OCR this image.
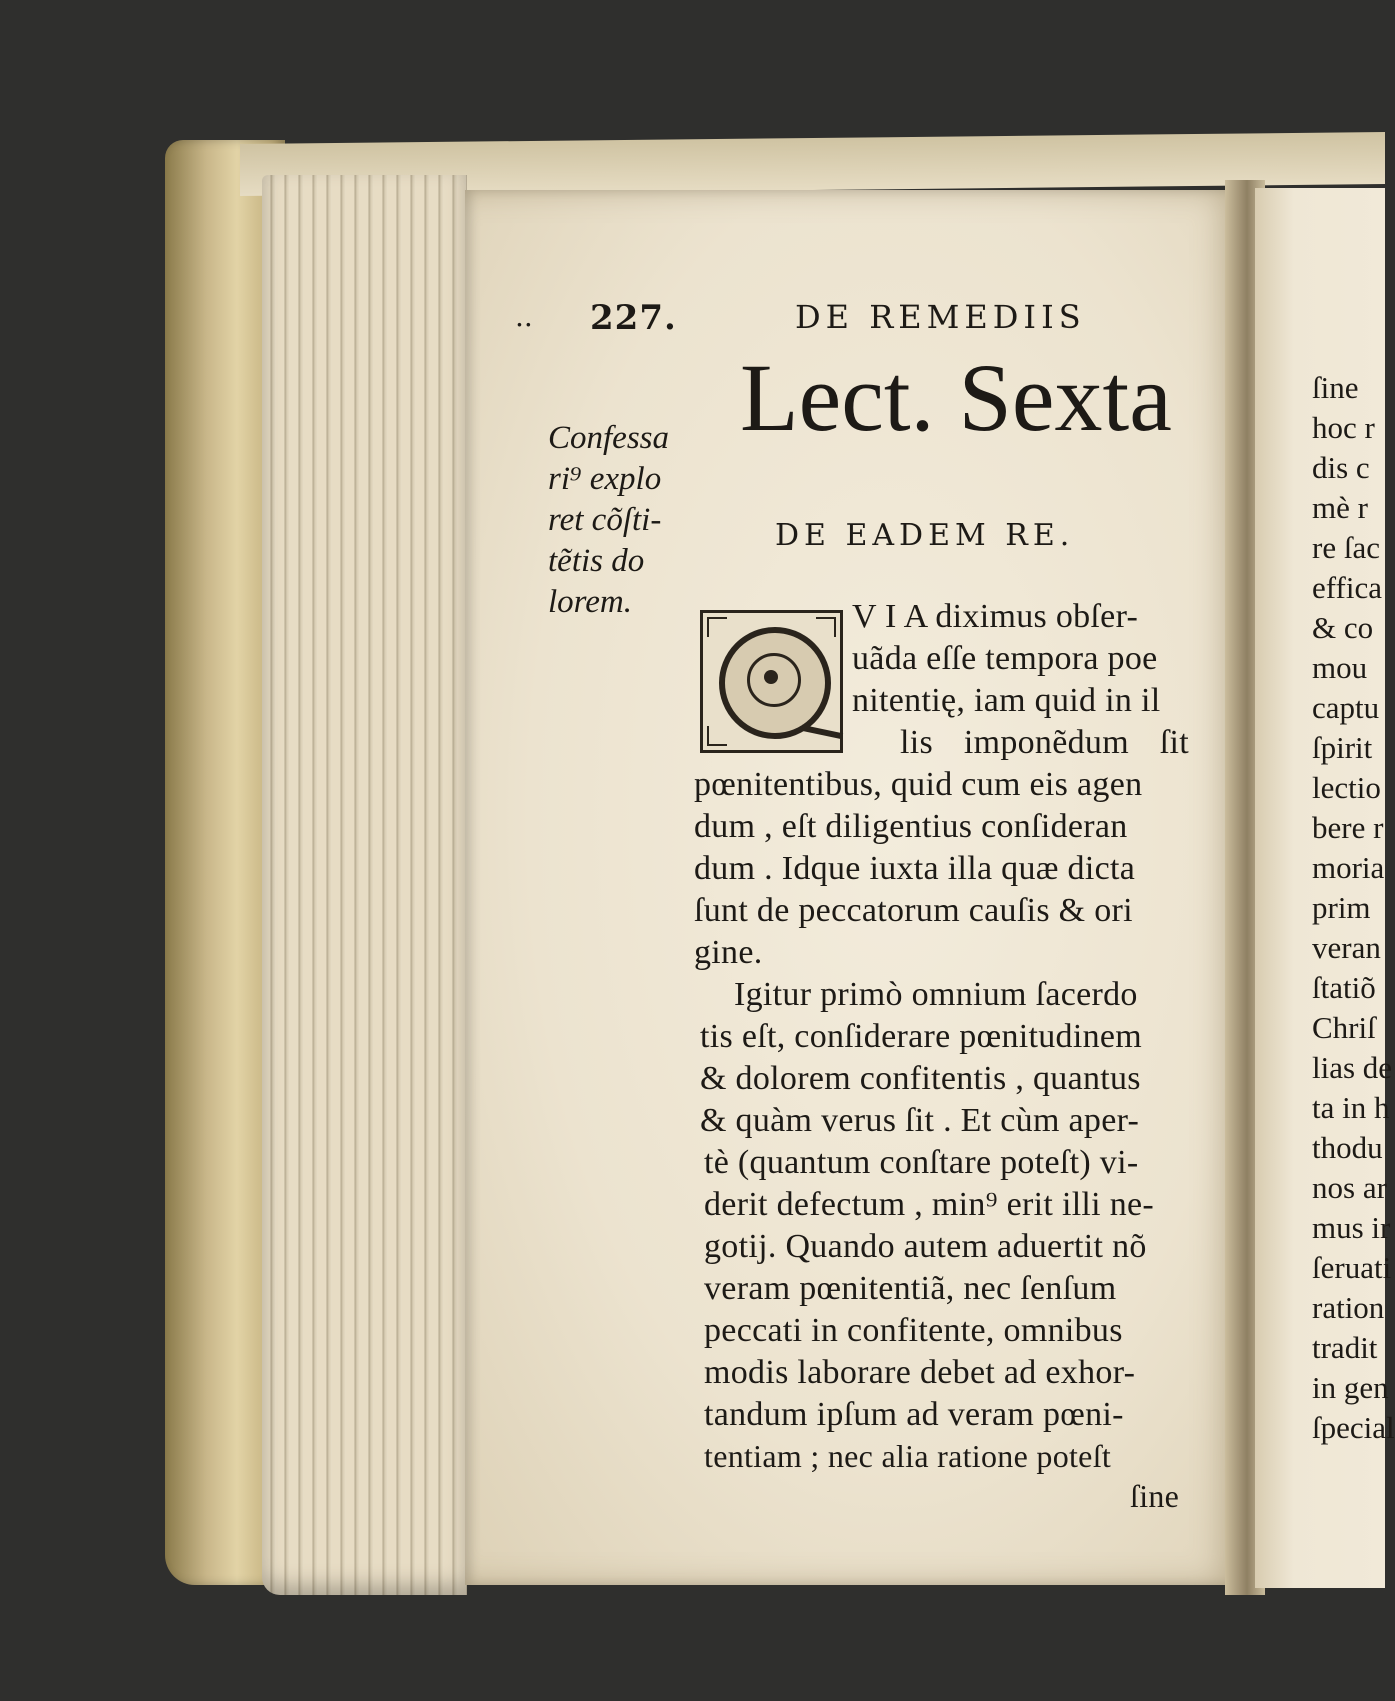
.. 227.	DE REMEDIIS

Lect. Sexta

DE EADEM RE.

Confessa
ri⁹ explo
ret cõſti-
tẽtis do
lorem.	V I A diximus obſer-

uãda eſſe tempora poe

nitentię, iam quid in il

lis imponẽdum ſit

pœnitentibus, quid cum eis agen

dum , eſt diligentius conſideran

dum . Idque iuxta illa quæ dicta

ſunt de peccatorum cauſis & ori

gine.

Igitur primò omnium ſacerdo

tis eſt, conſiderare pœnitudinem

& dolorem confitentis , quantus

& quàm verus ſit . Et cùm aper-

tè (quantum conſtare poteſt) vi-

derit defectum , min⁹ erit illi ne-

gotij. Quando autem aduertit nõ

veram pœnitentiã, nec ſenſum

peccati in confitente, omnibus

modis laborare debet ad exhor-

tandum ipſum ad veram pœni-

tentiam ; nec alia ratione poteſt

ſine

ſine

hoc r

dis c

mè r

re ſac

effica

& co

mou

captu

ſpirit

lectio

bere r

moria

prim

veran

ſtatiõ

Chriſ

lias de

ta in h

thodu

nos ar

mus ir

ſeruati

ration

tradit

in gen

ſpecial
